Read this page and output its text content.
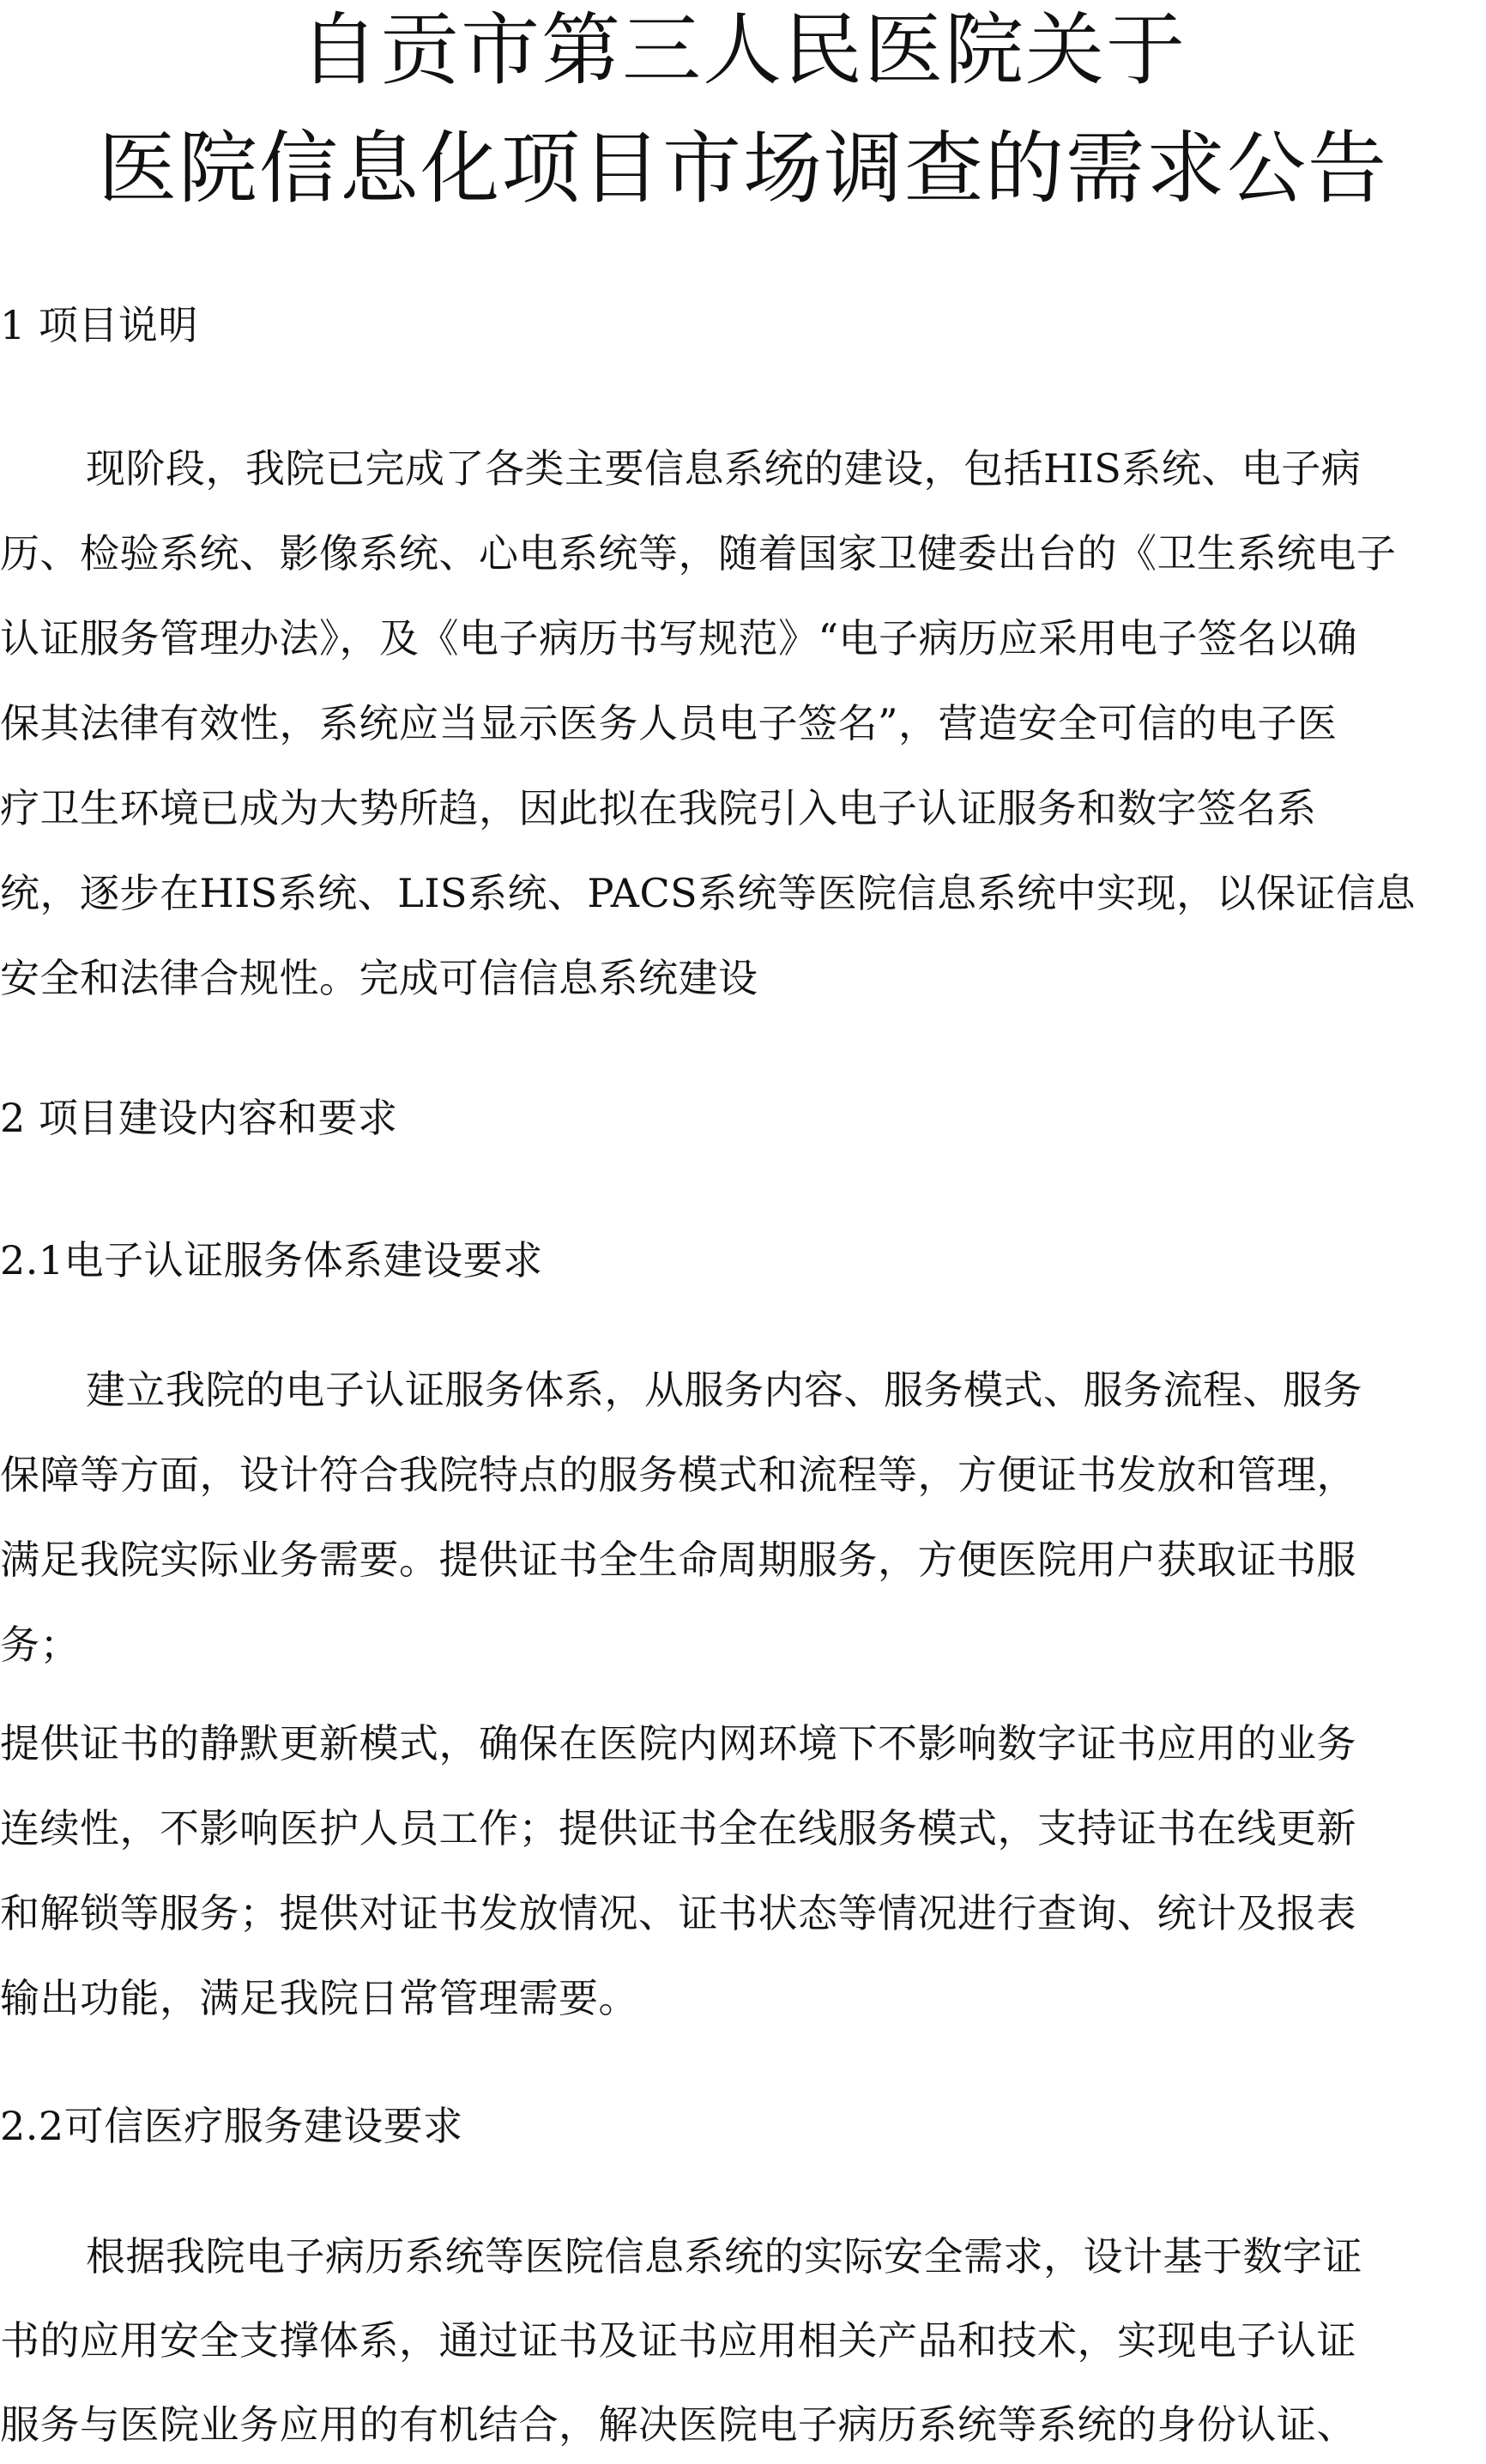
自贡市第三人民医院关于
医院信息化项目市场调查的需求公告
1 项目说明
现阶段，我院已完成了各类主要信息系统的建设，包括HIS系统、电子病
历、检验系统、影像系统、心电系统等，随着国家卫健委出台的《卫生系统电子
认证服务管理办法》，及《电子病历书写规范》“电子病历应采用电子签名以确
保其法律有效性，系统应当显示医务人员电子签名”，营造安全可信的电子医
疗卫生环境已成为大势所趋，因此拟在我院引入电子认证服务和数字签名系
统，逐步在HIS系统、LIS系统、PACS系统等医院信息系统中实现，以保证信息
安全和法律合规性。完成可信信息系统建设
2 项目建设内容和要求
2.1电子认证服务体系建设要求
建立我院的电子认证服务体系，从服务内容、服务模式、服务流程、服务
保障等方面，设计符合我院特点的服务模式和流程等，方便证书发放和管理，
满足我院实际业务需要。提供证书全生命周期服务，方便医院用户获取证书服
务；
提供证书的静默更新模式，确保在医院内网环境下不影响数字证书应用的业务
连续性，不影响医护人员工作；提供证书全在线服务模式，支持证书在线更新
和解锁等服务；提供对证书发放情况、证书状态等情况进行查询、统计及报表
输出功能，满足我院日常管理需要。
2.2可信医疗服务建设要求
根据我院电子病历系统等医院信息系统的实际安全需求，设计基于数字证
书的应用安全支撑体系，通过证书及证书应用相关产品和技术，实现电子认证
服务与医院业务应用的有机结合，解决医院电子病历系统等系统的身份认证、
